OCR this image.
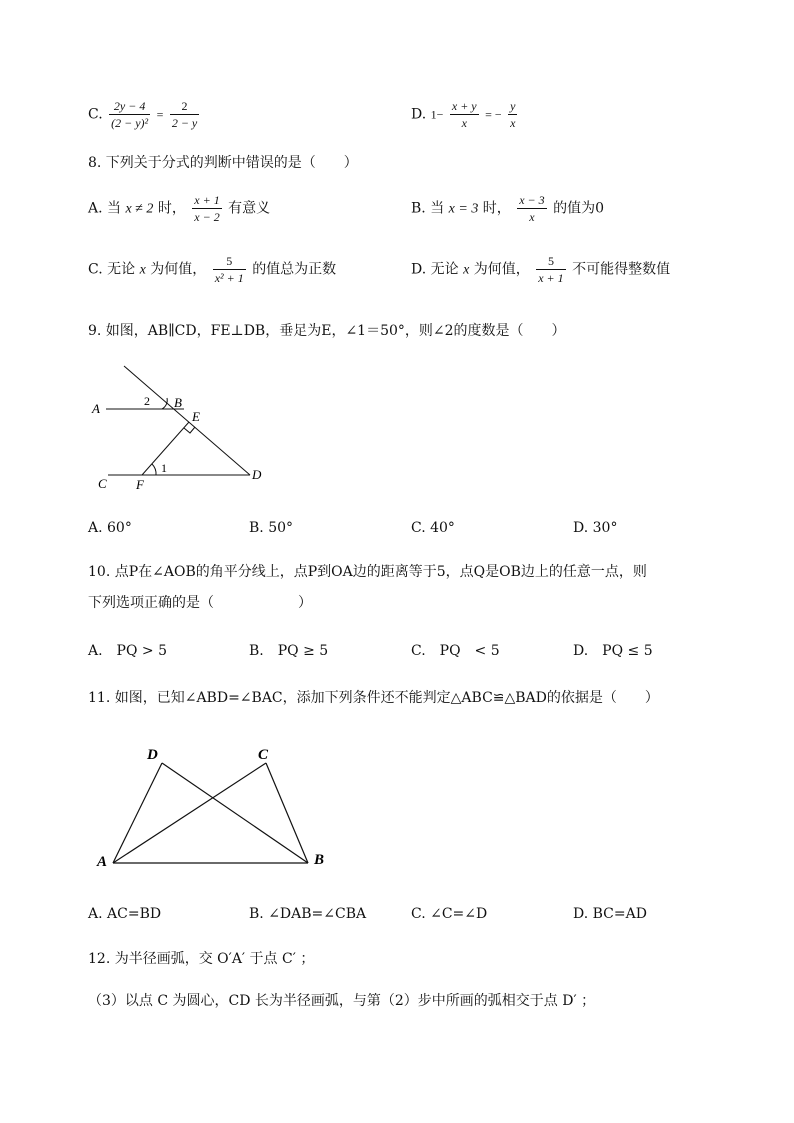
C. $\frac{2y - 4}{\text{(2 − y)²}} = \frac{2}{2 - y}$	D. $1- \frac{x + y}{x}$ = − $\frac{y}{x}$
8. 下列关于分式的判断中错误的是（　　）
A. 当 x ≠ 2 时， $\frac{x + 1}{x - 2}$ 有意义	B. 当 x = 3 时， $\frac{x - 3}{x}$ 的值为0
C. 无论 x 为何值， $\frac{5}{\text{x² + 1}}$ 的值总为正数	D. 无论 x 为何值， $\frac{5}{x + 1}$ 不可能得整数值
9. 如图，AB∥CD，FE⊥DB，垂足为E，∠1＝50°，则∠2的度数是（　　）
A	B
E
C F
D
1
2
A. 60°	B. 50°	C. 40°	D. 30°
10. 点P在∠AOB的角平分线上，点P到OA边的距离等于5，点Q是OB边上的任意一点，则
下列选项正确的是（　　　　　　）
A.　PQ > 5	B.　PQ ≥ 5	C.　PQ　< 5	D.　PQ ≤ 5
11. 如图，已知∠ABD=∠BAC，添加下列条件还不能判定△ABC≌△BAD的依据是（　　）
A	B
D	C
A. AC=BD	B. ∠DAB=∠CBA	C. ∠C=∠D	D. BC=AD
12. 为半径画弧，交 O′A′ 于点 C′ ；
（3）以点 C 为圆心，CD 长为半径画弧，与第（2）步中所画的弧相交于点 D′ ；
